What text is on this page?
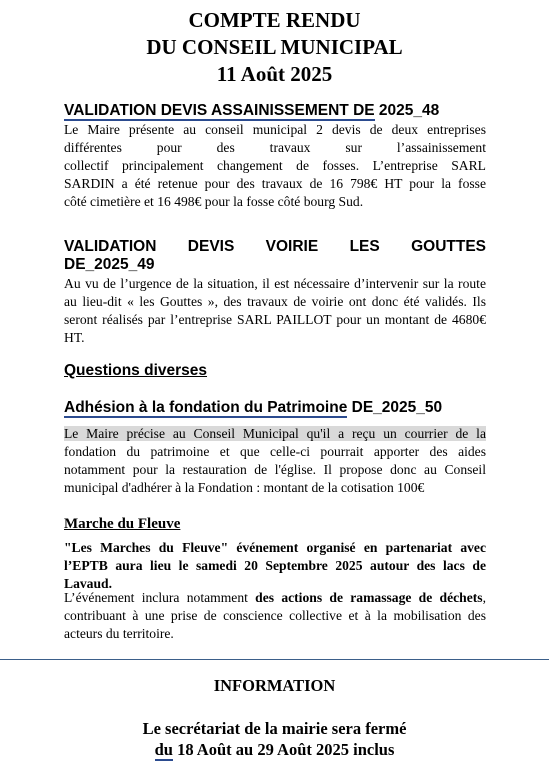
COMPTE RENDU
DU CONSEIL MUNICIPAL
11 Août 2025
VALIDATION DEVIS ASSAINISSEMENT DE 2025_48

Le Maire présente au conseil municipal 2 devis de deux entreprises

différentes pour des travaux sur l’assainissement

collectif principalement changement de fosses. L’entreprise SARL

SARDIN a été retenue pour des travaux de 16 798€ HT pour la fosse

côté cimetière et 16 498€ pour la fosse côté bourg Sud.

VALIDATION DEVIS VOIRIE LES GOUTTES
DE_2025_49
Au vu de l’urgence de la situation, il est nécessaire d’intervenir sur la route au lieu-dit « les Gouttes », des travaux de voirie ont donc été validés. Ils seront réalisés par l’entreprise SARL PAILLOT pour un montant de 4680€ HT.
Questions diverses
Adhésion à la fondation du Patrimoine DE_2025_50

Le Maire précise au Conseil Municipal qu'il a reçu un courrier de la

fondation du patrimoine et que celle-ci pourrait apporter des aides notamment pour la restauration de l'église. Il propose donc au Conseil municipal d'adhérer à la Fondation : montant de la cotisation 100€

Marche du Fleuve
"Les Marches du Fleuve" événement organisé en partenariat avec l’EPTB aura lieu le samedi 20 Septembre 2025 autour des lacs de Lavaud.
L’événement inclura notamment des actions de ramassage de déchets, contribuant à une prise de conscience collective et à la mobilisation des acteurs du territoire.
INFORMATION
Le secrétariat de la mairie sera fermé
du 18 Août au 29 Août 2025 inclus
